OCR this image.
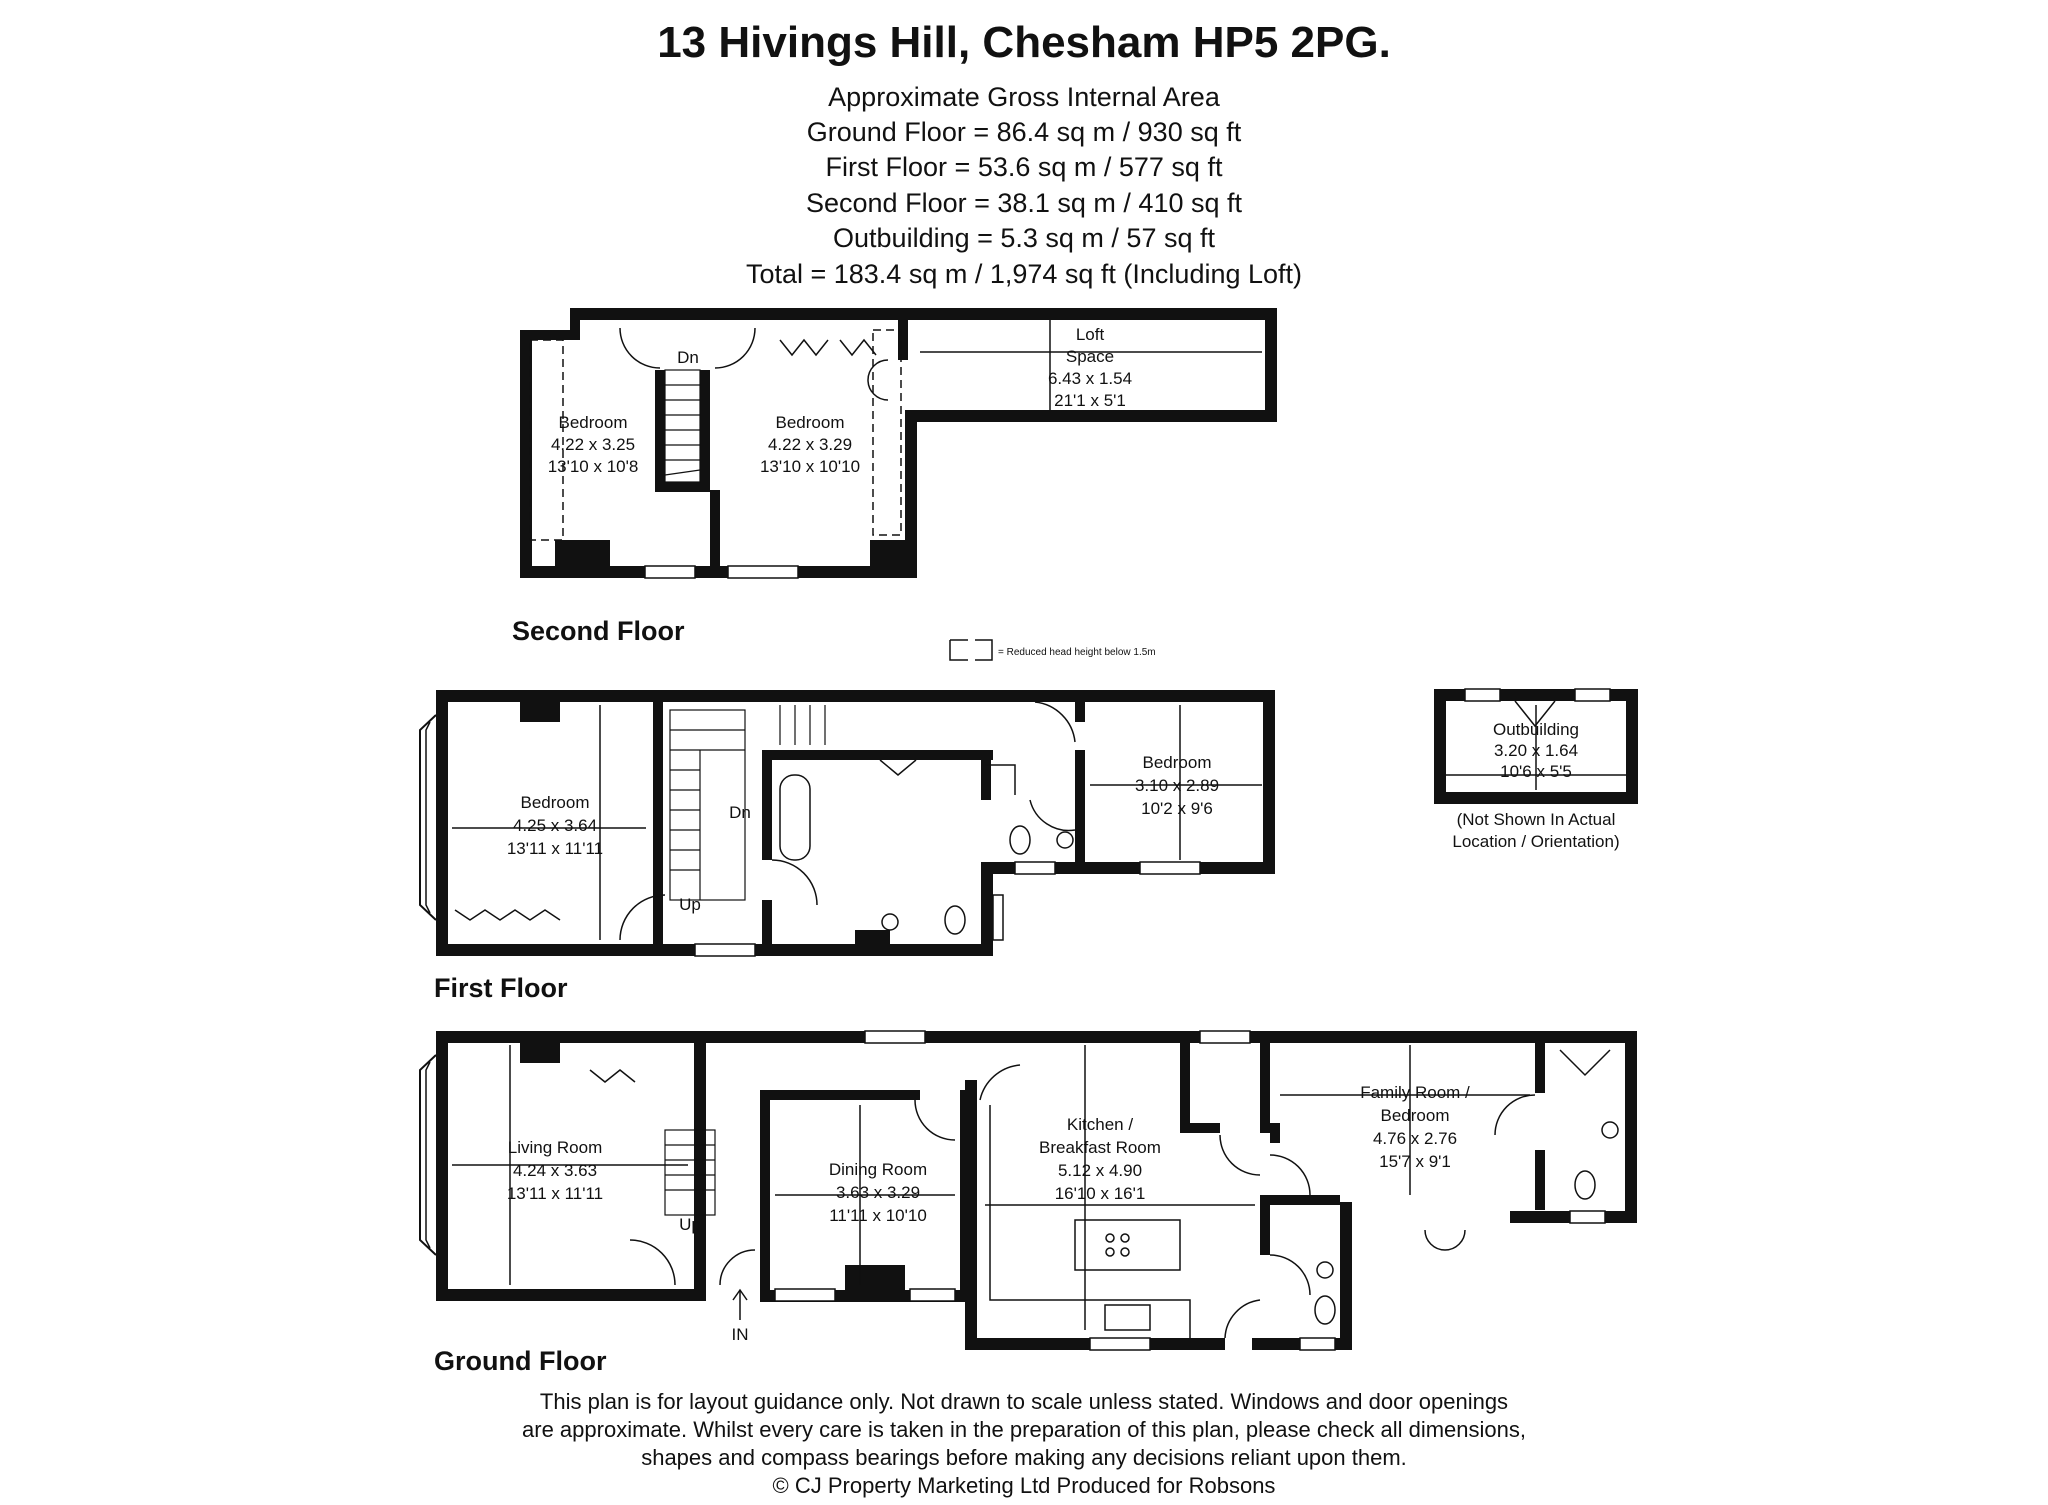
13 Hivings Hill, Chesham HP5 2PG.
Approximate Gross Internal Area
Ground Floor = 86.4 sq m / 930 sq ft
First Floor = 53.6 sq m / 577 sq ft
Second Floor = 38.1 sq m / 410 sq ft
Outbuilding = 5.3 sq m / 57 sq ft
Total = 183.4 sq m / 1,974 sq ft (Including Loft)
Second Floor
First Floor
Ground Floor
Bedroom
4.22 x 3.25
13'10 x 10'8
Bedroom
4.22 x 3.29
13'10 x 10'10
Loft
Space
6.43 x 1.54
21'1 x 5'1
Dn
Bedroom
4.25 x 3.64
13'11 x 11'11
Bedroom
3.10 x 2.89
10'2 x 9'6
Dn
Up
Outbuilding
3.20 x 1.64
10'6 x 5'5
(Not Shown In Actual
Location / Orientation)
Living Room
4.24 x 3.63
13'11 x 11'11
Dining Room
3.63 x 3.29
11'11 x 10'10
Kitchen /
Breakfast Room
5.12 x 4.90
16'10 x 16'1
Family Room /
Bedroom
4.76 x 2.76
15'7 x 9'1
Up
IN
= Reduced head height below 1.5m
This plan is for layout guidance only. Not drawn to scale unless stated. Windows and door openings
are approximate. Whilst every care is taken in the preparation of this plan, please check all dimensions,
shapes and compass bearings before making any decisions reliant upon them.
© CJ Property Marketing Ltd Produced for Robsons
